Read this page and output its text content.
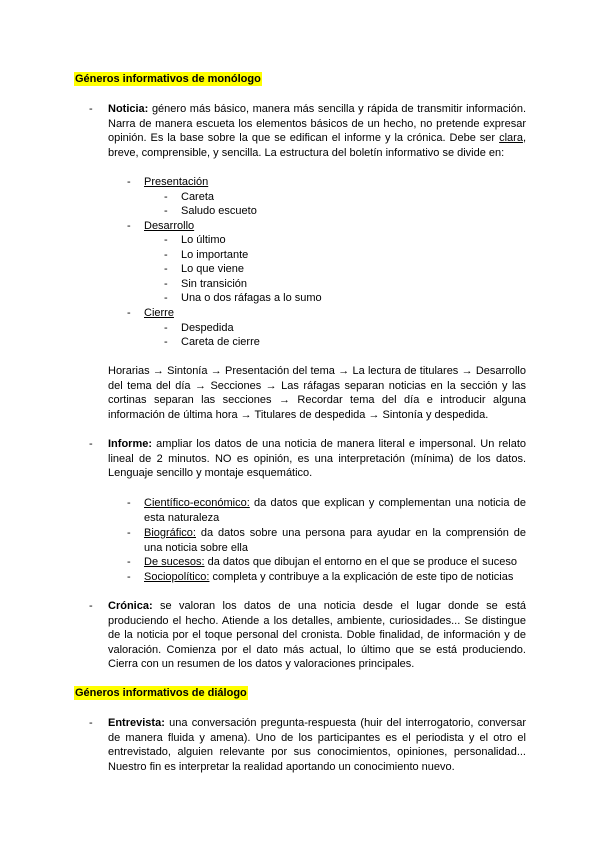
Géneros informativos de monólogo
- Noticia: género más básico, manera más sencilla y rápida de transmitir información. Narra de manera escueta los elementos básicos de un hecho, no pretende expresar opinión. Es la base sobre la que se edifican el informe y la crónica. Debe ser clara, breve, comprensible, y sencilla. La estructura del boletín informativo se divide en:
- Presentación
- Careta
- Saludo escueto
- Desarrollo
- Lo último
- Lo importante
- Lo que viene
- Sin transición
- Una o dos ráfagas a lo sumo
- Cierre
- Despedida
- Careta de cierre
Horarias → Sintonía → Presentación del tema → La lectura de titulares → Desarrollo del tema del día → Secciones → Las ráfagas separan noticias en la sección y las cortinas separan las secciones → Recordar tema del día e introducir alguna información de última hora → Titulares de despedida → Sintonía y despedida.
- Informe: ampliar los datos de una noticia de manera literal e impersonal. Un relato lineal de 2 minutos. NO es opinión, es una interpretación (mínima) de los datos. Lenguaje sencillo y montaje esquemático.
- Científico-económico: da datos que explican y complementan una noticia de esta naturaleza
- Biográfico: da datos sobre una persona para ayudar en la comprensión de una noticia sobre ella
- De sucesos: da datos que dibujan el entorno en el que se produce el suceso
- Sociopolítico: completa y contribuye a la explicación de este tipo de noticias
- Crónica: se valoran los datos de una noticia desde el lugar donde se está produciendo el hecho. Atiende a los detalles, ambiente, curiosidades... Se distingue de la noticia por el toque personal del cronista. Doble finalidad, de información y de valoración. Comienza por el dato más actual, lo último que se está produciendo. Cierra con un resumen de los datos y valoraciones principales.
Géneros informativos de diálogo
- Entrevista: una conversación pregunta-respuesta (huir del interrogatorio, conversar de manera fluida y amena). Uno de los participantes es el periodista y el otro el entrevistado, alguien relevante por sus conocimientos, opiniones, personalidad... Nuestro fin es interpretar la realidad aportando un conocimiento nuevo.
